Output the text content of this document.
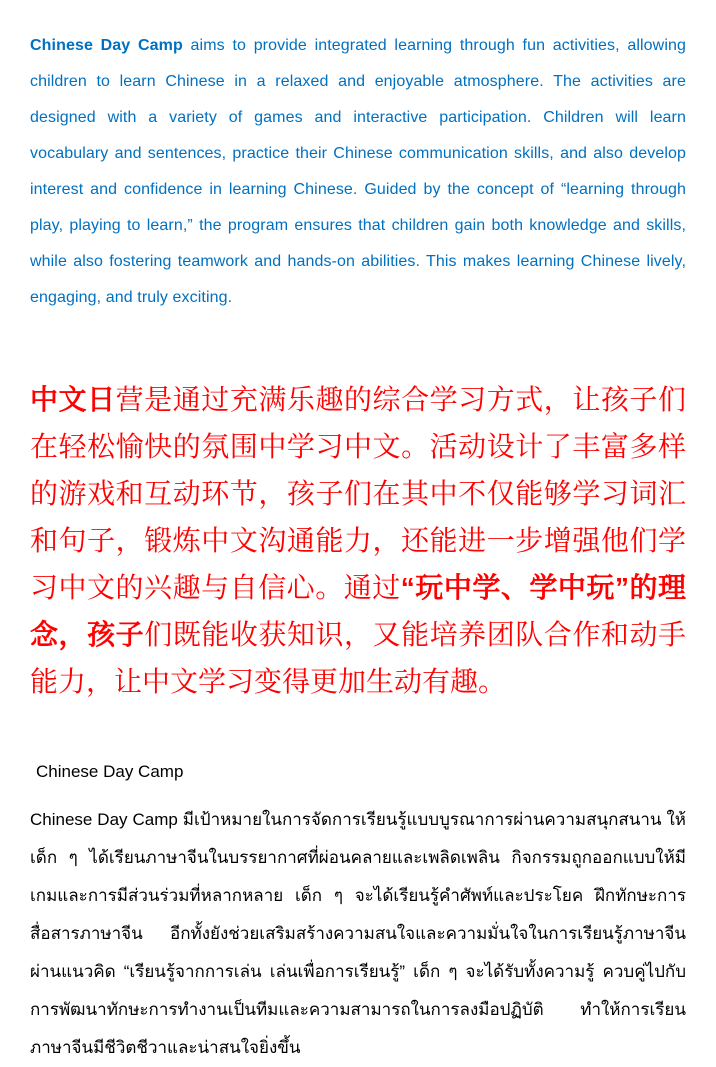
Chinese Day Camp aims to provide integrated learning through fun activities, allowing children to learn Chinese in a relaxed and enjoyable atmosphere. The activities are designed with a variety of games and interactive participation. Children will learn vocabulary and sentences, practice their Chinese communication skills, and also develop interest and confidence in learning Chinese. Guided by the concept of “learning through play, playing to learn,” the program ensures that children gain both knowledge and skills, while also fostering teamwork and hands-on abilities. This makes learning Chinese lively, engaging, and truly exciting.

中文日营是通过充满乐趣的综合学习方式，让孩子们在轻松愉快的氛围中学习中文。活动设计了丰富多样的游戏和互动环节，孩子们在其中不仅能够学习词汇和句子，锻炼中文沟通能力，还能进一步增强他们学习中文的兴趣与自信心。通过“玩中学、学中玩”的理念，孩子们既能收获知识，又能培养团队合作和动手能力，让中文学习变得更加生动有趣。

Chinese Day Camp

Chinese Day Camp มีเป้าหมายในการจัดการเรียนรู้แบบบูรณาการผ่านความสนุกสนาน ให้เด็ก ๆ ได้เรียนภาษาจีนในบรรยากาศที่ผ่อนคลายและเพลิดเพลิน กิจกรรมถูกออกแบบให้มีเกมและการมีส่วนร่วมที่หลากหลาย เด็ก ๆ จะได้เรียนรู้คำศัพท์และประโยค ฝึกทักษะการสื่อสารภาษาจีน อีกทั้งยังช่วยเสริมสร้างความสนใจและความมั่นใจในการเรียนรู้ภาษาจีน ผ่านแนวคิด “เรียนรู้จากการเล่น เล่นเพื่อการเรียนรู้” เด็ก ๆ จะได้รับทั้งความรู้ ควบคู่ไปกับการพัฒนาทักษะการทำงานเป็นทีมและความสามารถในการลงมือปฏิบัติ ทำให้การเรียนภาษาจีนมีชีวิตชีวาและน่าสนใจยิ่งขึ้น
